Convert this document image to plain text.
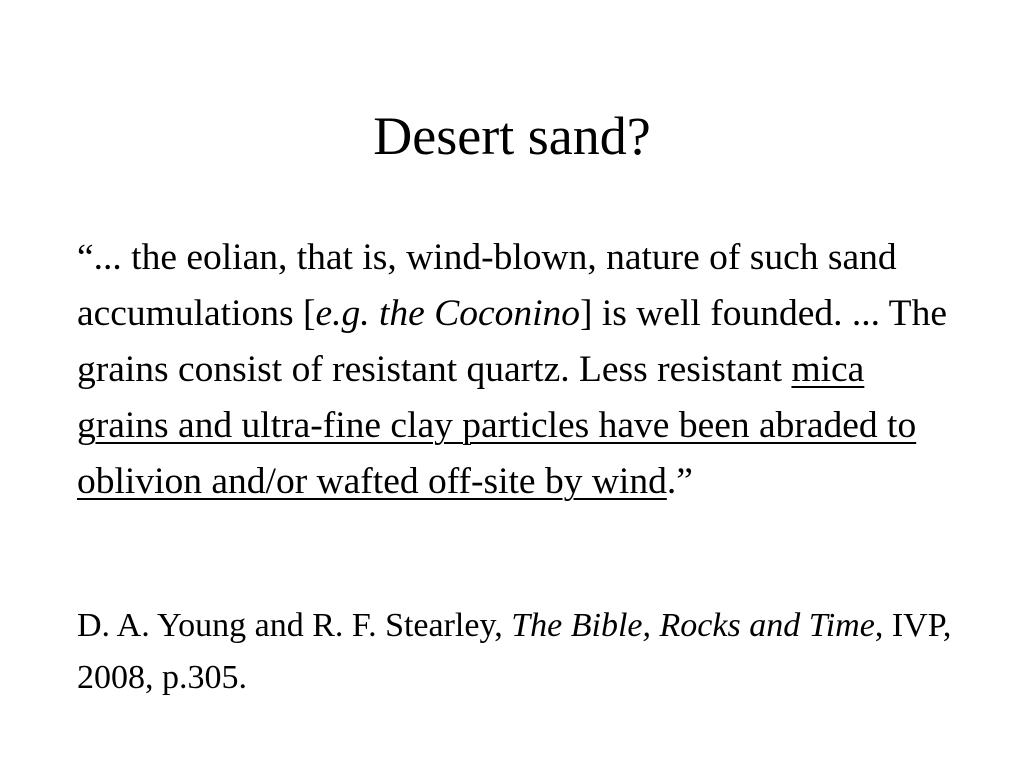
Desert sand?

“... the eolian, that is, wind-blown, nature of such sand accumulations [e.g. the Coconino] is well founded. ... The grains consist of resistant quartz. Less resistant mica grains and ultra-fine clay particles have been abraded to oblivion and/or wafted off-site by wind.”

D. A. Young and R. F. Stearley, The Bible, Rocks and Time, IVP, 2008, p.305.
